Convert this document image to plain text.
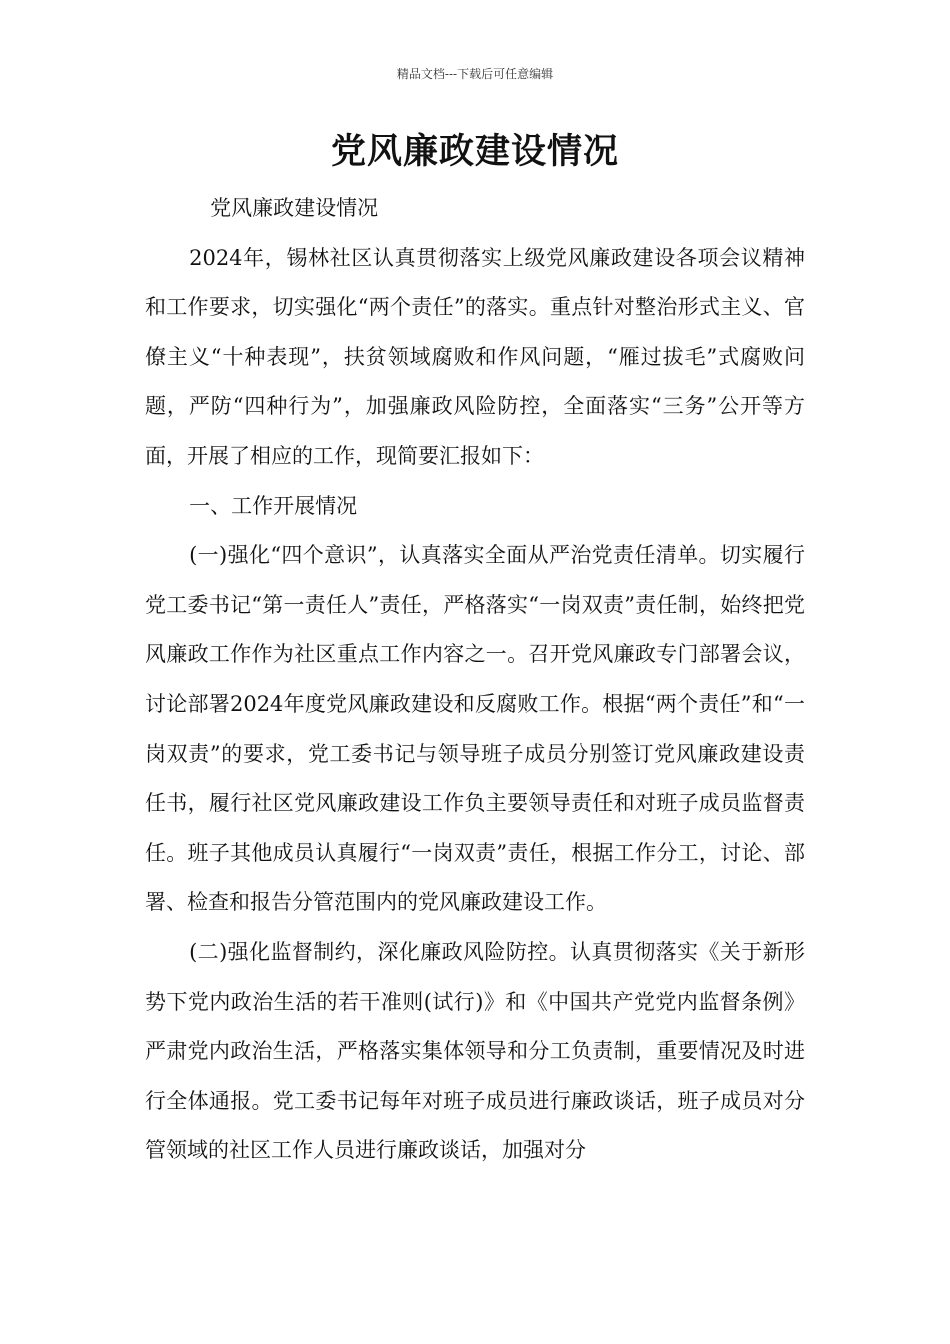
精品文档---下载后可任意编辑
党风廉政建设情况

党风廉政建设情况

2024年，锡林社区认真贯彻落实上级党风廉政建设各项会议精神和工作要求，切实强化“两个责任”的落实。重点针对整治形式主义、官僚主义“十种表现”，扶贫领域腐败和作风问题，“雁过拔毛”式腐败问题，严防“四种行为”，加强廉政风险防控，全面落实“三务”公开等方面，开展了相应的工作，现简要汇报如下：

一、工作开展情况

(一)强化“四个意识”，认真落实全面从严治党责任清单。切实履行党工委书记“第一责任人”责任，严格落实“一岗双责”责任制，始终把党风廉政工作作为社区重点工作内容之一。召开党风廉政专门部署会议，讨论部署2024年度党风廉政建设和反腐败工作。根据“两个责任”和“一岗双责”的要求，党工委书记与领导班子成员分别签订党风廉政建设责任书，履行社区党风廉政建设工作负主要领导责任和对班子成员监督责任。班子其他成员认真履行“一岗双责”责任，根据工作分工，讨论、部署、检查和报告分管范围内的党风廉政建设工作。

(二)强化监督制约，深化廉政风险防控。认真贯彻落实《关于新形势下党内政治生活的若干准则(试行)》和《中国共产党党内监督条例》严肃党内政治生活，严格落实集体领导和分工负责制，重要情况及时进行全体通报。党工委书记每年对班子成员进行廉政谈话，班子成员对分管领域的社区工作人员进行廉政谈话，加强对分
